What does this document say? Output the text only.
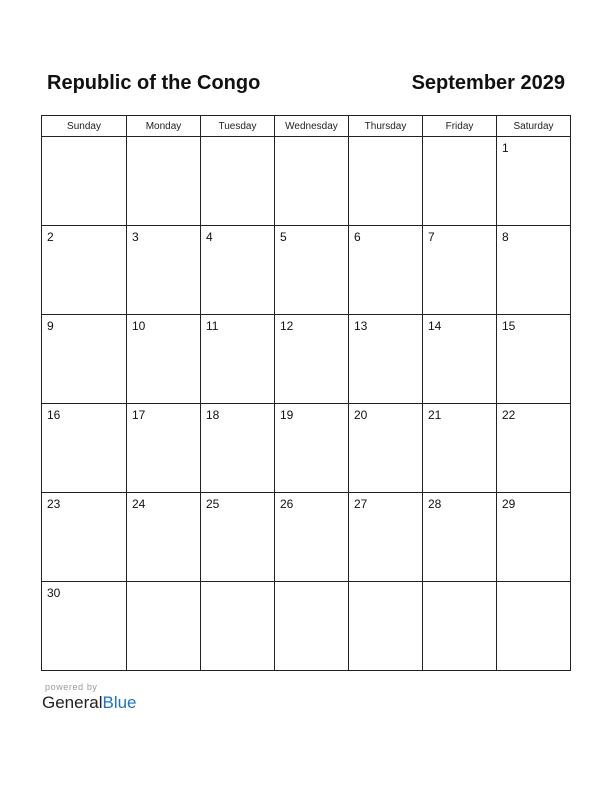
Republic of the Congo	September 2029
Sunday	Monday	Tuesday	Wednesday	Thursday	Friday	Saturday

						1

2	3	4	5	6	7	8

9	10	11	12	13	14	15

16	17	18	19	20	21	22

23	24	25	26	27	28	29

30						

powered by
GeneralBlue
